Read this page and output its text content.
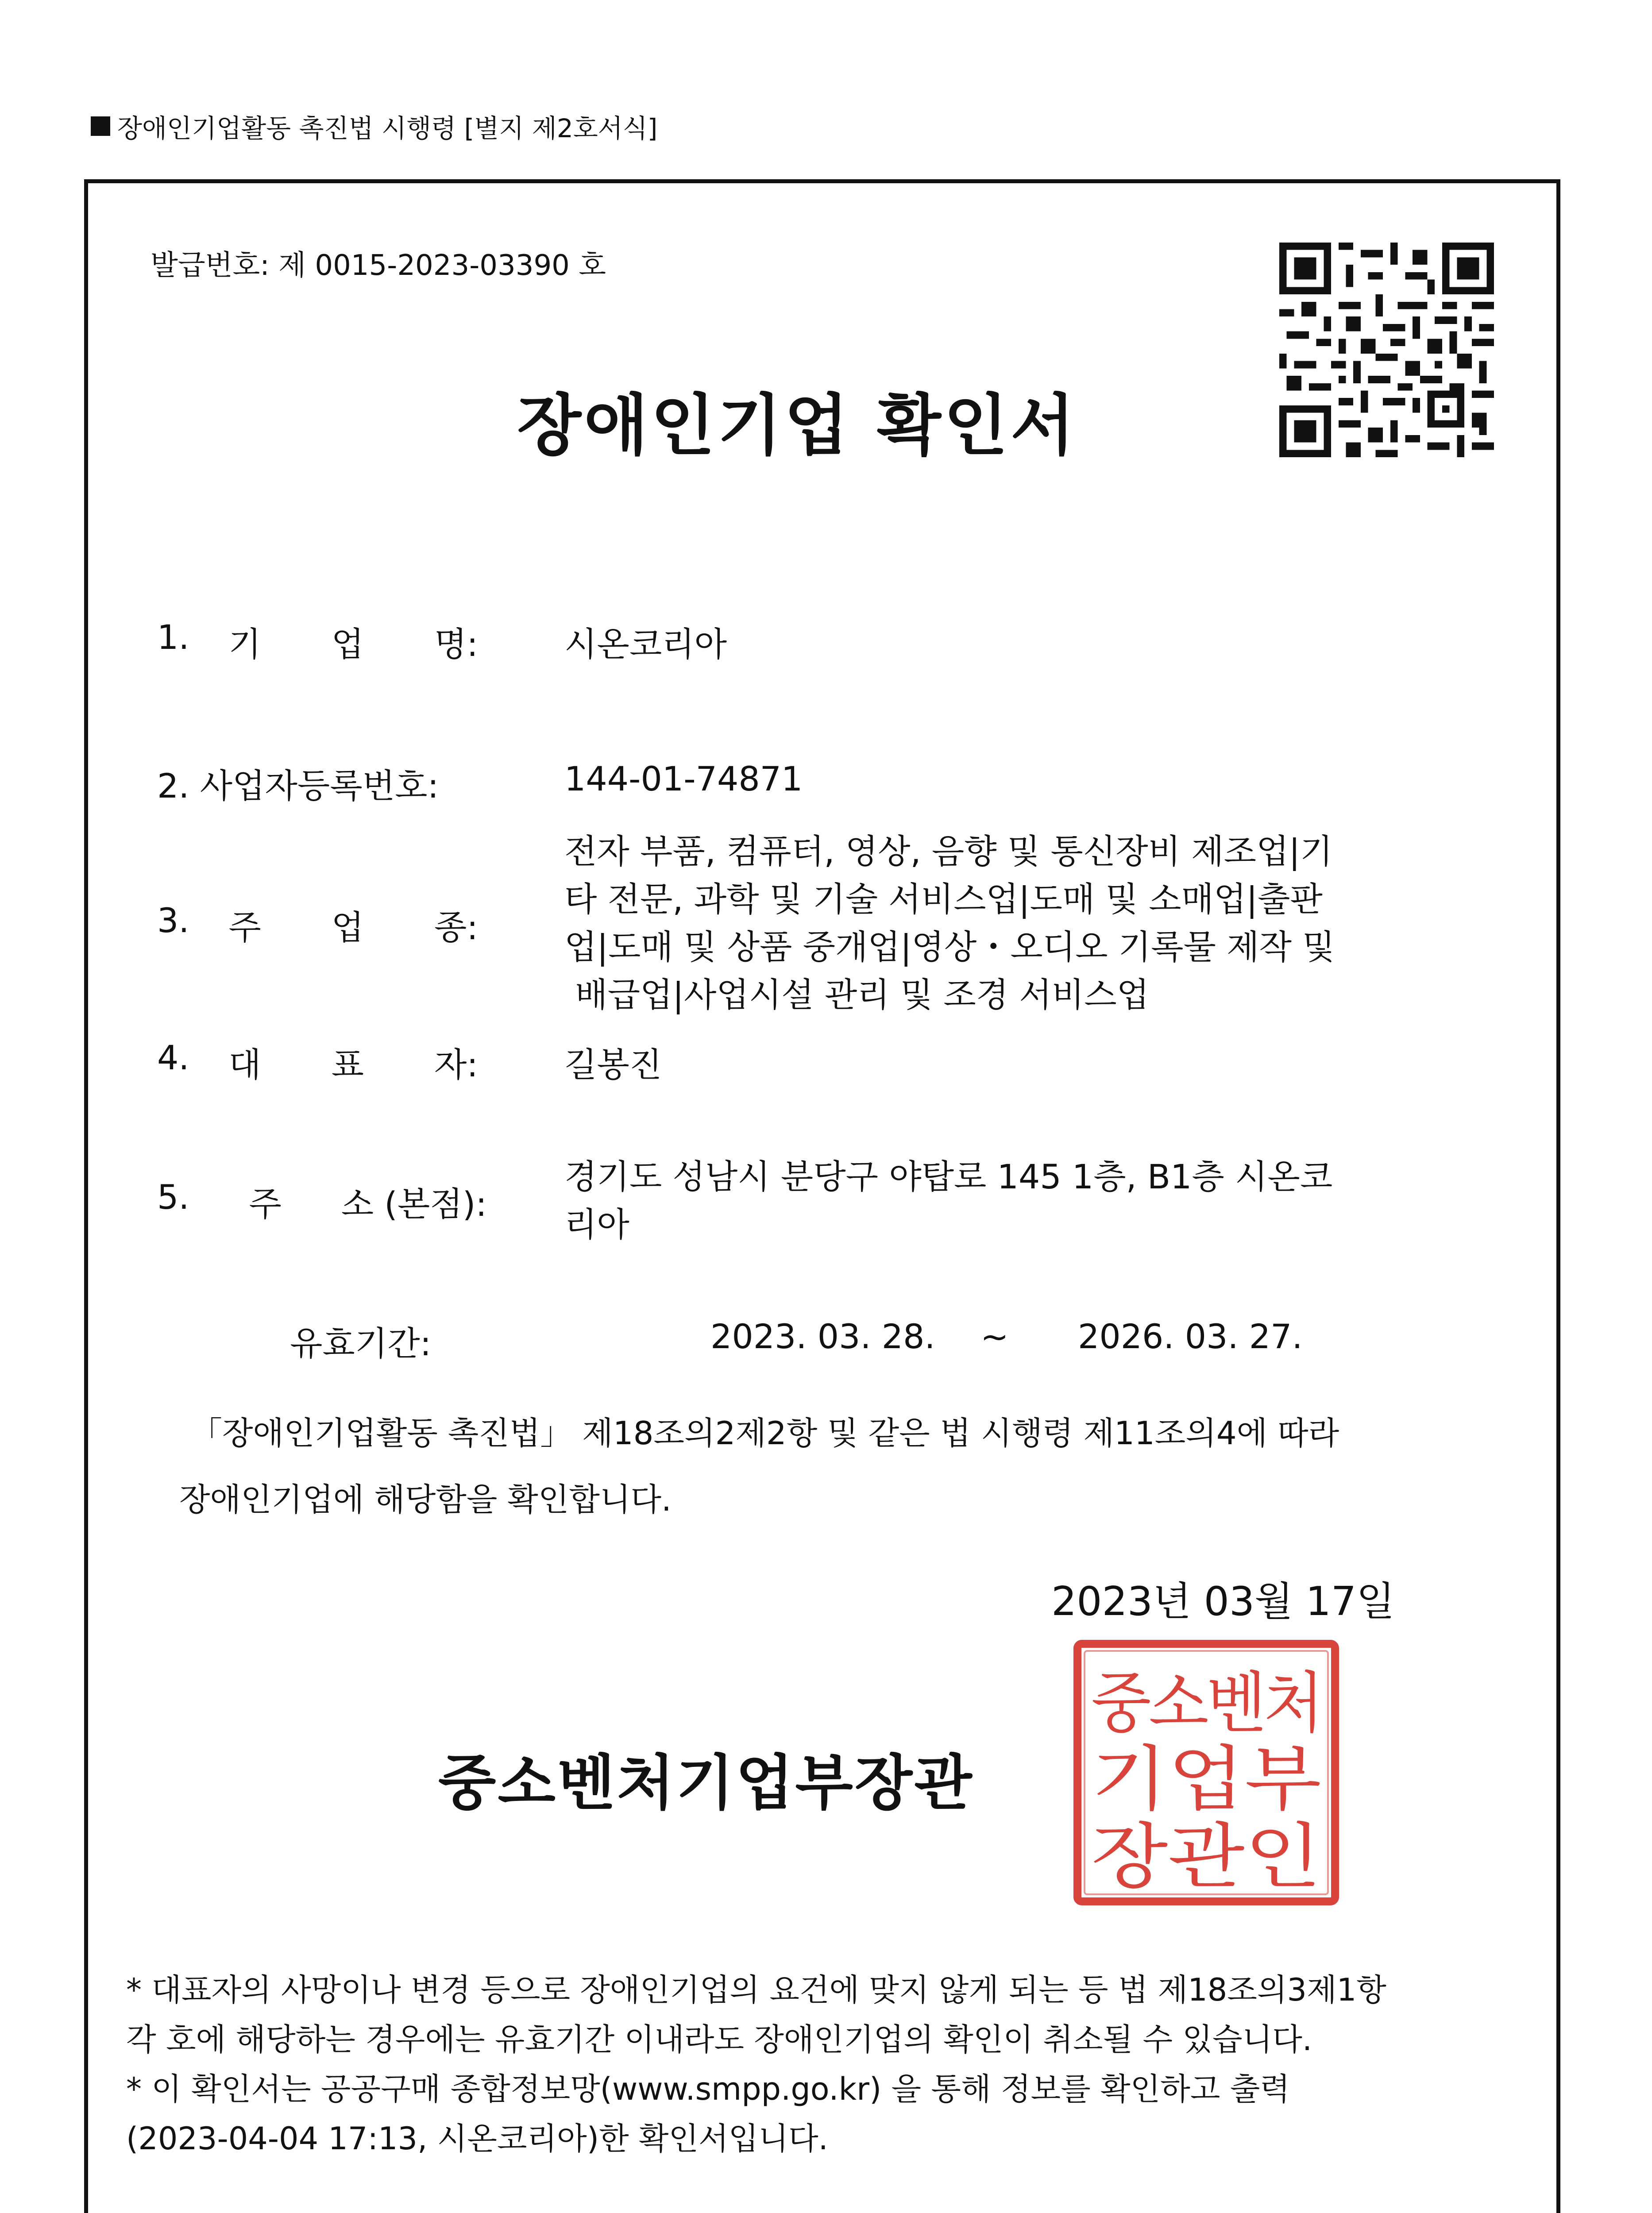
장애인기업활동 촉진법 시행령 [별지 제2호서식]
발급번호: 제 0015-2023-03390 호
장애인기업 확인서
1. 기 업 명:	시온코리아
2. 사업자등록번호:	144-01-74871
3. 주 업 종:
전자 부품, 컴퓨터, 영상, 음향 및 통신장비 제조업|기
타 전문, 과학 및 기술 서비스업|도매 및 소매업|출판
업|도매 및 상품 중개업|영상・오디오 기록물 제작 및
배급업|사업시설 관리 및 조경 서비스업
4. 대 표 자:	길봉진
5. 주 소 (본점):
경기도 성남시 분당구 야탑로 145 1층, B1층 시온코
리아
유효기간:	2023. 03. 28. ~ 2026. 03. 27.
「장애인기업활동 촉진법」 제18조의2제2항 및 같은 법 시행령 제11조의4에 따라
장애인기업에 해당함을 확인합니다.
2023년 03월 17일
중소벤처기업부장관
중소벤처
기업부
장관인

* 대표자의 사망이나 변경 등으로 장애인기업의 요건에 맞지 않게 되는 등 법 제18조의3제1항

각 호에 해당하는 경우에는 유효기간 이내라도 장애인기업의 확인이 취소될 수 있습니다.

* 이 확인서는 공공구매 종합정보망(www.smpp.go.kr) 을 통해 정보를 확인하고 출력

(2023-04-04 17:13, 시온코리아)한 확인서입니다.
